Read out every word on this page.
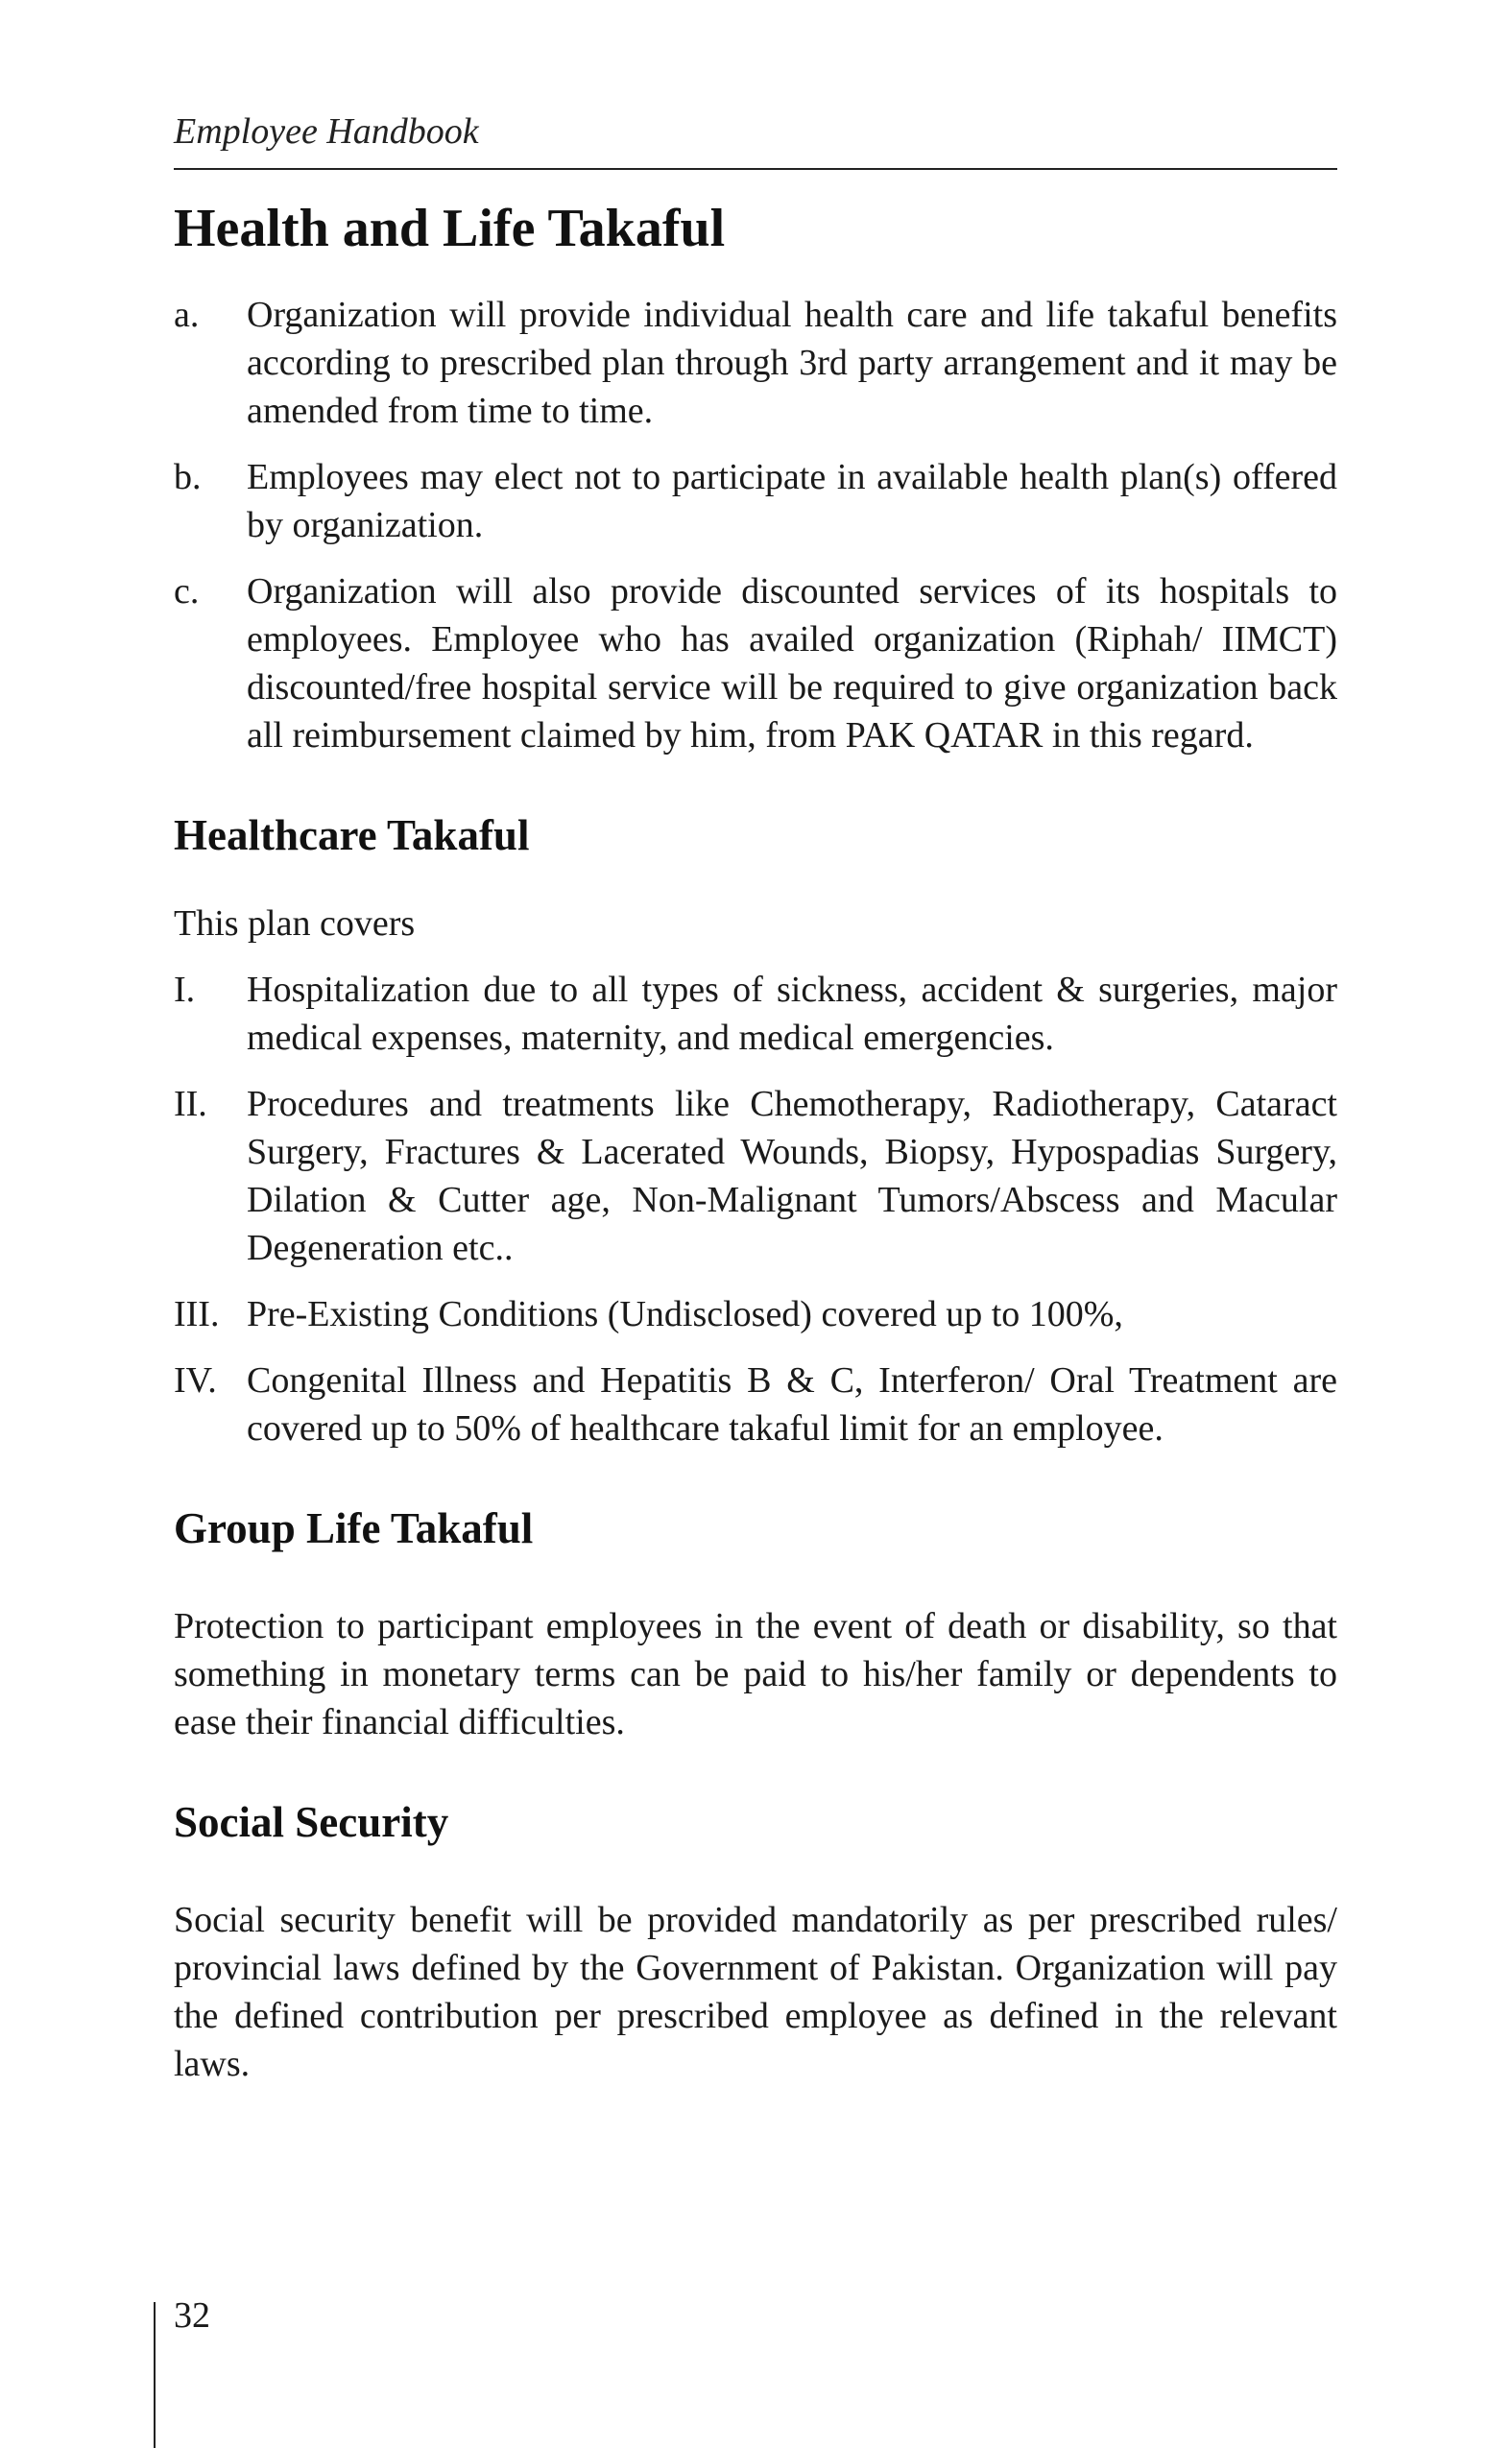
Employee Handbook
Health and Life Takaful
a.	Organization will provide individual health care and life takaful benefits according to prescribed plan through 3rd party arrangement and it may be amended from time to time.
b.	Employees may elect not to participate in available health plan(s) offered by organization.
c.	Organization will also provide discounted services of its hospitals to employees. Employee who has availed organization (Riphah/ IIMCT) discounted/free hospital service will be required to give organization back all reimbursement claimed by him, from PAK QATAR in this regard.
Healthcare Takaful

This plan covers

I.	Hospitalization due to all types of sickness, accident & surgeries, major medical expenses, maternity, and medical emergencies.
II.	Procedures and treatments like Chemotherapy, Radiotherapy, Cataract Surgery, Fractures & Lacerated Wounds, Biopsy, Hypospadias Surgery, Dilation & Cutter age, Non-Malignant Tumors/Abscess and Macular Degeneration etc..
III. Pre-Existing Conditions (Undisclosed) covered up to 100%,
IV. Congenital Illness and Hepatitis B & C, Interferon/ Oral Treatment are covered up to 50% of healthcare takaful limit for an employee.
Group Life Takaful

Protection to participant employees in the event of death or disability, so that something in monetary terms can be paid to his/her family or dependents to ease their financial difficulties.

Social Security

Social security benefit will be provided mandatorily as per prescribed rules/ provincial laws defined by the Government of Pakistan. Organization will pay the defined contribution per prescribed employee as defined in the relevant laws.

32
